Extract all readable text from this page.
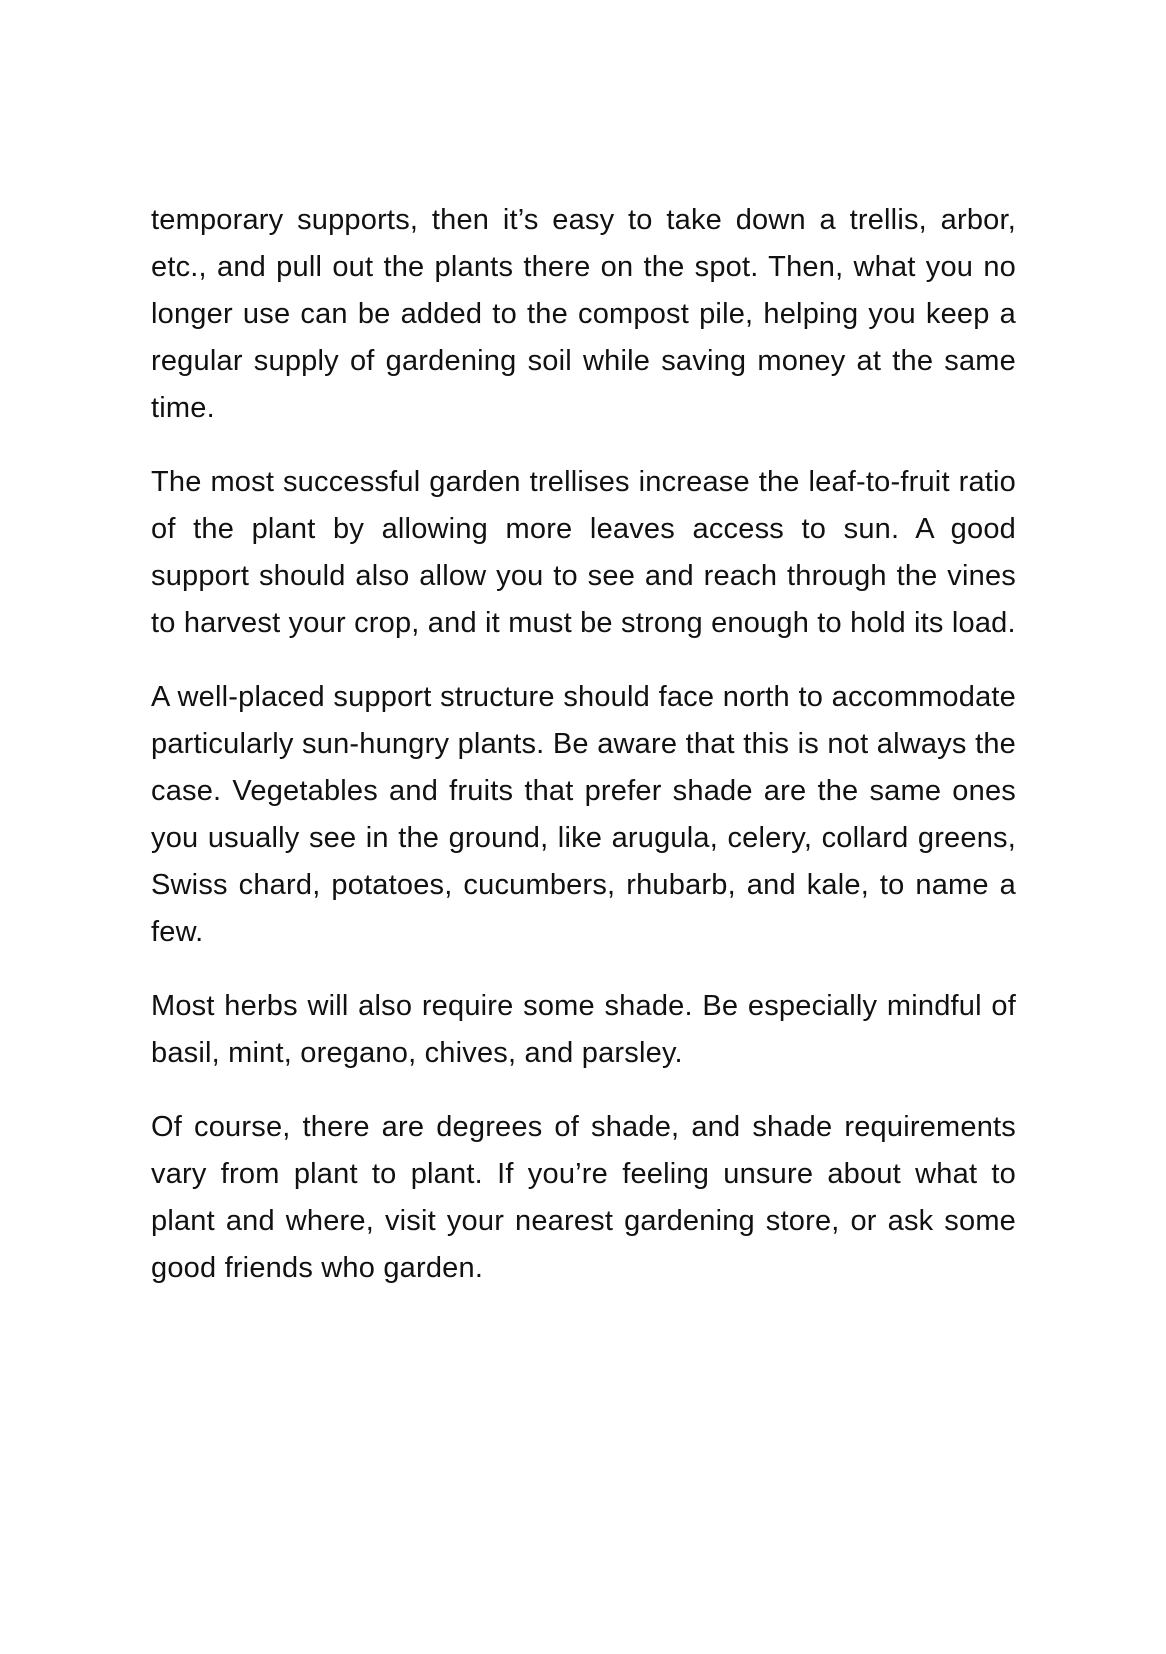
temporary supports, then it’s easy to take down a trellis, arbor, etc., and pull out the plants there on the spot. Then, what you no longer use can be added to the compost pile, helping you keep a regular supply of gardening soil while saving money at the same time.

The most successful garden trellises increase the leaf-to-fruit ratio of the plant by allowing more leaves access to sun. A good support should also allow you to see and reach through the vines to harvest your crop, and it must be strong enough to hold its load.

A well-placed support structure should face north to accommodate particularly sun-hungry plants. Be aware that this is not always the case. Vegetables and fruits that prefer shade are the same ones you usually see in the ground, like arugula, celery, collard greens, Swiss chard, potatoes, cucumbers, rhubarb, and kale, to name a few.

Most herbs will also require some shade. Be especially mindful of basil, mint, oregano, chives, and parsley.

Of course, there are degrees of shade, and shade requirements vary from plant to plant. If you’re feeling unsure about what to plant and where, visit your nearest gardening store, or ask some good friends who garden.
